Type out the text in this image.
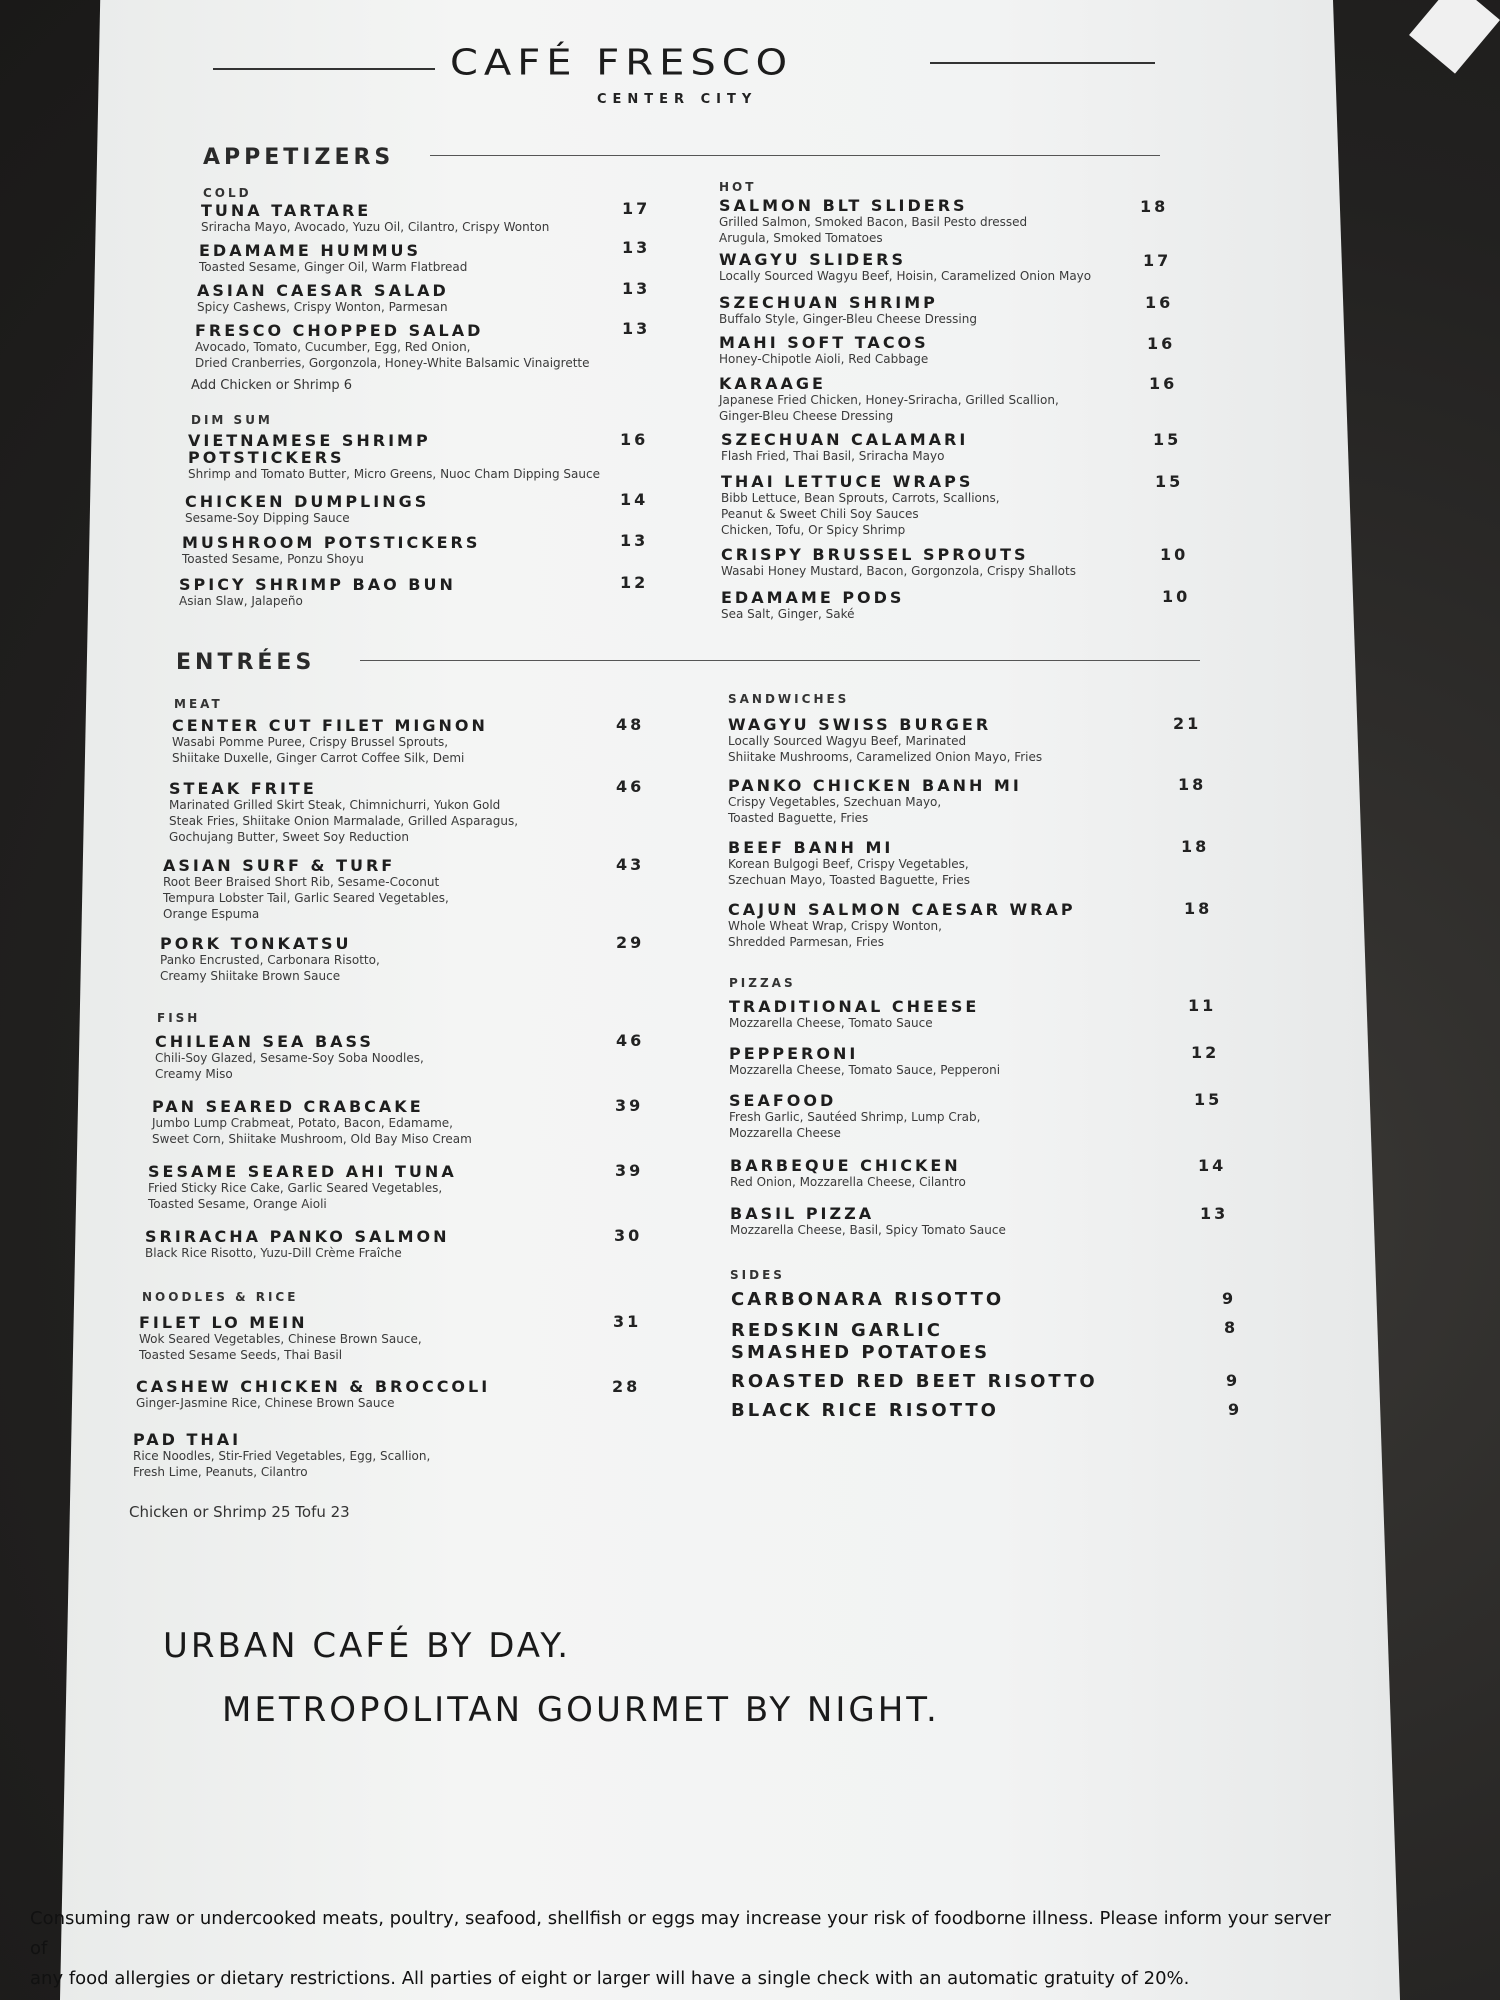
CAFÉ FRESCO
CENTER CITY
APPETIZERS
COLD
TUNA TARTARE
Sriracha Mayo, Avocado, Yuzu Oil, Cilantro, Crispy Wonton
17
EDAMAME HUMMUS
Toasted Sesame, Ginger Oil, Warm Flatbread
13
ASIAN CAESAR SALAD
Spicy Cashews, Crispy Wonton, Parmesan
13
FRESCO CHOPPED SALAD
Avocado, Tomato, Cucumber, Egg, Red Onion,
Dried Cranberries, Gorgonzola, Honey-White Balsamic Vinaigrette
13
Add Chicken or Shrimp 6
DIM SUM
VIETNAMESE SHRIMP
POTSTICKERS
Shrimp and Tomato Butter, Micro Greens, Nuoc Cham Dipping Sauce
16
CHICKEN DUMPLINGS
Sesame-Soy Dipping Sauce
14
MUSHROOM POTSTICKERS
Toasted Sesame, Ponzu Shoyu
13
SPICY SHRIMP BAO BUN
Asian Slaw, Jalapeño
12
HOT
SALMON BLT SLIDERS
Grilled Salmon, Smoked Bacon, Basil Pesto dressed
Arugula, Smoked Tomatoes
18
WAGYU SLIDERS
Locally Sourced Wagyu Beef, Hoisin, Caramelized Onion Mayo
17
SZECHUAN SHRIMP
Buffalo Style, Ginger-Bleu Cheese Dressing
16
MAHI SOFT TACOS
Honey-Chipotle Aioli, Red Cabbage
16
KARAAGE
Japanese Fried Chicken, Honey-Sriracha, Grilled Scallion,
Ginger-Bleu Cheese Dressing
16
SZECHUAN CALAMARI
Flash Fried, Thai Basil, Sriracha Mayo
15
THAI LETTUCE WRAPS
Bibb Lettuce, Bean Sprouts, Carrots, Scallions,
Peanut & Sweet Chili Soy Sauces
Chicken, Tofu, Or Spicy Shrimp
15
CRISPY BRUSSEL SPROUTS
Wasabi Honey Mustard, Bacon, Gorgonzola, Crispy Shallots
10
EDAMAME PODS
Sea Salt, Ginger, Saké
10
ENTRÉES
MEAT
CENTER CUT FILET MIGNON
Wasabi Pomme Puree, Crispy Brussel Sprouts,
Shiitake Duxelle, Ginger Carrot Coffee Silk, Demi
48
STEAK FRITE
Marinated Grilled Skirt Steak, Chimnichurri, Yukon Gold
Steak Fries, Shiitake Onion Marmalade, Grilled Asparagus,
Gochujang Butter, Sweet Soy Reduction
46
ASIAN SURF & TURF
Root Beer Braised Short Rib, Sesame-Coconut
Tempura Lobster Tail, Garlic Seared Vegetables,
Orange Espuma
43
PORK TONKATSU
Panko Encrusted, Carbonara Risotto,
Creamy Shiitake Brown Sauce
29
FISH
CHILEAN SEA BASS
Chili-Soy Glazed, Sesame-Soy Soba Noodles,
Creamy Miso
46
PAN SEARED CRABCAKE
Jumbo Lump Crabmeat, Potato, Bacon, Edamame,
Sweet Corn, Shiitake Mushroom, Old Bay Miso Cream
39
SESAME SEARED AHI TUNA
Fried Sticky Rice Cake, Garlic Seared Vegetables,
Toasted Sesame, Orange Aioli
39
SRIRACHA PANKO SALMON
Black Rice Risotto, Yuzu-Dill Crème Fraîche
30
NOODLES & RICE
FILET LO MEIN
Wok Seared Vegetables, Chinese Brown Sauce,
Toasted Sesame Seeds, Thai Basil
31
CASHEW CHICKEN & BROCCOLI
Ginger-Jasmine Rice, Chinese Brown Sauce
28
PAD THAI
Rice Noodles, Stir-Fried Vegetables, Egg, Scallion,
Fresh Lime, Peanuts, Cilantro
Chicken or Shrimp 25 Tofu 23
SANDWICHES
WAGYU SWISS BURGER
Locally Sourced Wagyu Beef, Marinated
Shiitake Mushrooms, Caramelized Onion Mayo, Fries
21
PANKO CHICKEN BANH MI
Crispy Vegetables, Szechuan Mayo,
Toasted Baguette, Fries
18
BEEF BANH MI
Korean Bulgogi Beef, Crispy Vegetables,
Szechuan Mayo, Toasted Baguette, Fries
18
CAJUN SALMON CAESAR WRAP
Whole Wheat Wrap, Crispy Wonton,
Shredded Parmesan, Fries
18
PIZZAS
TRADITIONAL CHEESE
Mozzarella Cheese, Tomato Sauce
11
PEPPERONI
Mozzarella Cheese, Tomato Sauce, Pepperoni
12
SEAFOOD
Fresh Garlic, Sautéed Shrimp, Lump Crab,
Mozzarella Cheese
15
BARBEQUE CHICKEN
Red Onion, Mozzarella Cheese, Cilantro
14
BASIL PIZZA
Mozzarella Cheese, Basil, Spicy Tomato Sauce
13
SIDES
CARBONARA RISOTTO	9
REDSKIN GARLIC
SMASHED POTATOES
8
ROASTED RED BEET RISOTTO	9
BLACK RICE RISOTTO	9
URBAN CAFÉ BY DAY.
METROPOLITAN GOURMET BY NIGHT.
Consuming raw or undercooked meats, poultry, seafood, shellfish or eggs may increase your risk of foodborne illness. Please inform your server of
any food allergies or dietary restrictions. All parties of eight or larger will have a single check with an automatic gratuity of 20%.
